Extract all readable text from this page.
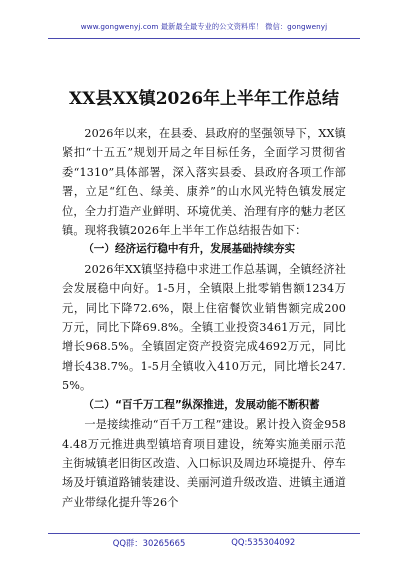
www.gongwenyj.com 最新最全最专业的公文资料库！ 微信：gongwenyj
XX县XX镇2026年上半年工作总结

2026年以来，在县委、县政府的坚强领导下，XX镇紧扣“十五五”规划开局之年目标任务，全面学习贯彻省委“1310”具体部署，深入落实县委、县政府各项工作部署，立足“红色、绿美、康养”的山水风光特色镇发展定位，全力打造产业鲜明、环境优美、治理有序的魅力老区镇。现将我镇2026年上半年工作总结报告如下：

（一）经济运行稳中有升，发展基础持续夯实

2026年XX镇坚持稳中求进工作总基调，全镇经济社会发展稳中向好。1-5月，全镇限上批零销售额1234万元，同比下降72.6%，限上住宿餐饮业销售额完成200万元，同比下降69.8%。全镇工业投资3461万元，同比增长968.5%。全镇固定资产投资完成4692万元，同比增长438.7%。1-5月全镇收入410万元，同比增长247.5%。

（二）“百千万工程”纵深推进，发展动能不断积蓄

一是接续推动“百千万工程”建设。累计投入资金9584.48万元推进典型镇培育项目建设，统筹实施美丽示范主街城镇老旧街区改造、入口标识及周边环境提升、停车场及圩镇道路铺装建设、美丽河道升级改造、进镇主通道产业带绿化提升等26个

QQ群：30265665	QQ:535304092
